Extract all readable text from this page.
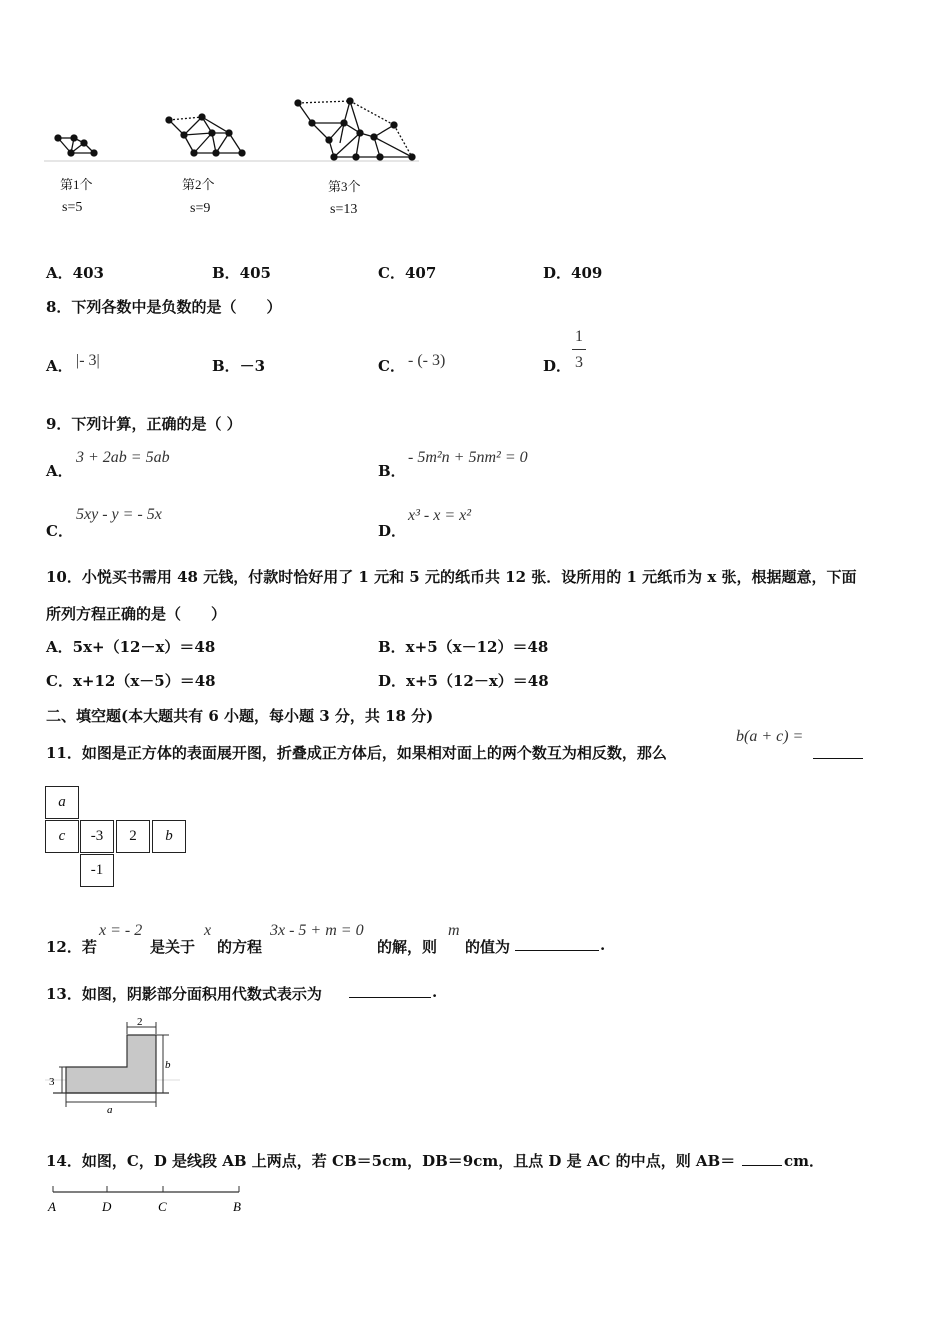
第1个	第2个	第3个
s=5	s=9	s=13
A．403	B．405	C．407	D．409
8．下列各数中是负数的是（　　）
A． |- 3|	B．－3	C． - (- 3)	D．
1
3
9．下列计算，正确的是（ ）
A．
3 + 2ab = 5ab
B．
- 5m²n + 5nm² = 0
C．
5xy - y = - 5x
D．
x³ - x = x²
10．小悦买书需用 48 元钱，付款时恰好用了 1 元和 5 元的纸币共 12 张．设所用的 1 元纸币为 x 张，根据题意，下面
所列方程正确的是（　　）
A．5x+（12－x）＝48	B．x+5（x－12）＝48
C．x+12（x－5）＝48	D．x+5（12－x）＝48
二、填空题(本大题共有 6 小题，每小题 3 分，共 18 分)
11．如图是正方体的表面展开图，折叠成正方体后，如果相对面上的两个数互为相反数，那么
b(a + c) =
a
c	-3	2	b
-1
12．若
x = - 2
是关于
x
的方程
3x - 5 + m = 0
的解，则
m
的值为	.
13．如图，阴影部分面积用代数式表示为	.
2
b
3
a
14．如图，C，D 是线段 AB 上两点，若 CB＝5cm，DB＝9cm，且点 D 是 AC 的中点，则 AB＝	cm．
A	D	C	B
